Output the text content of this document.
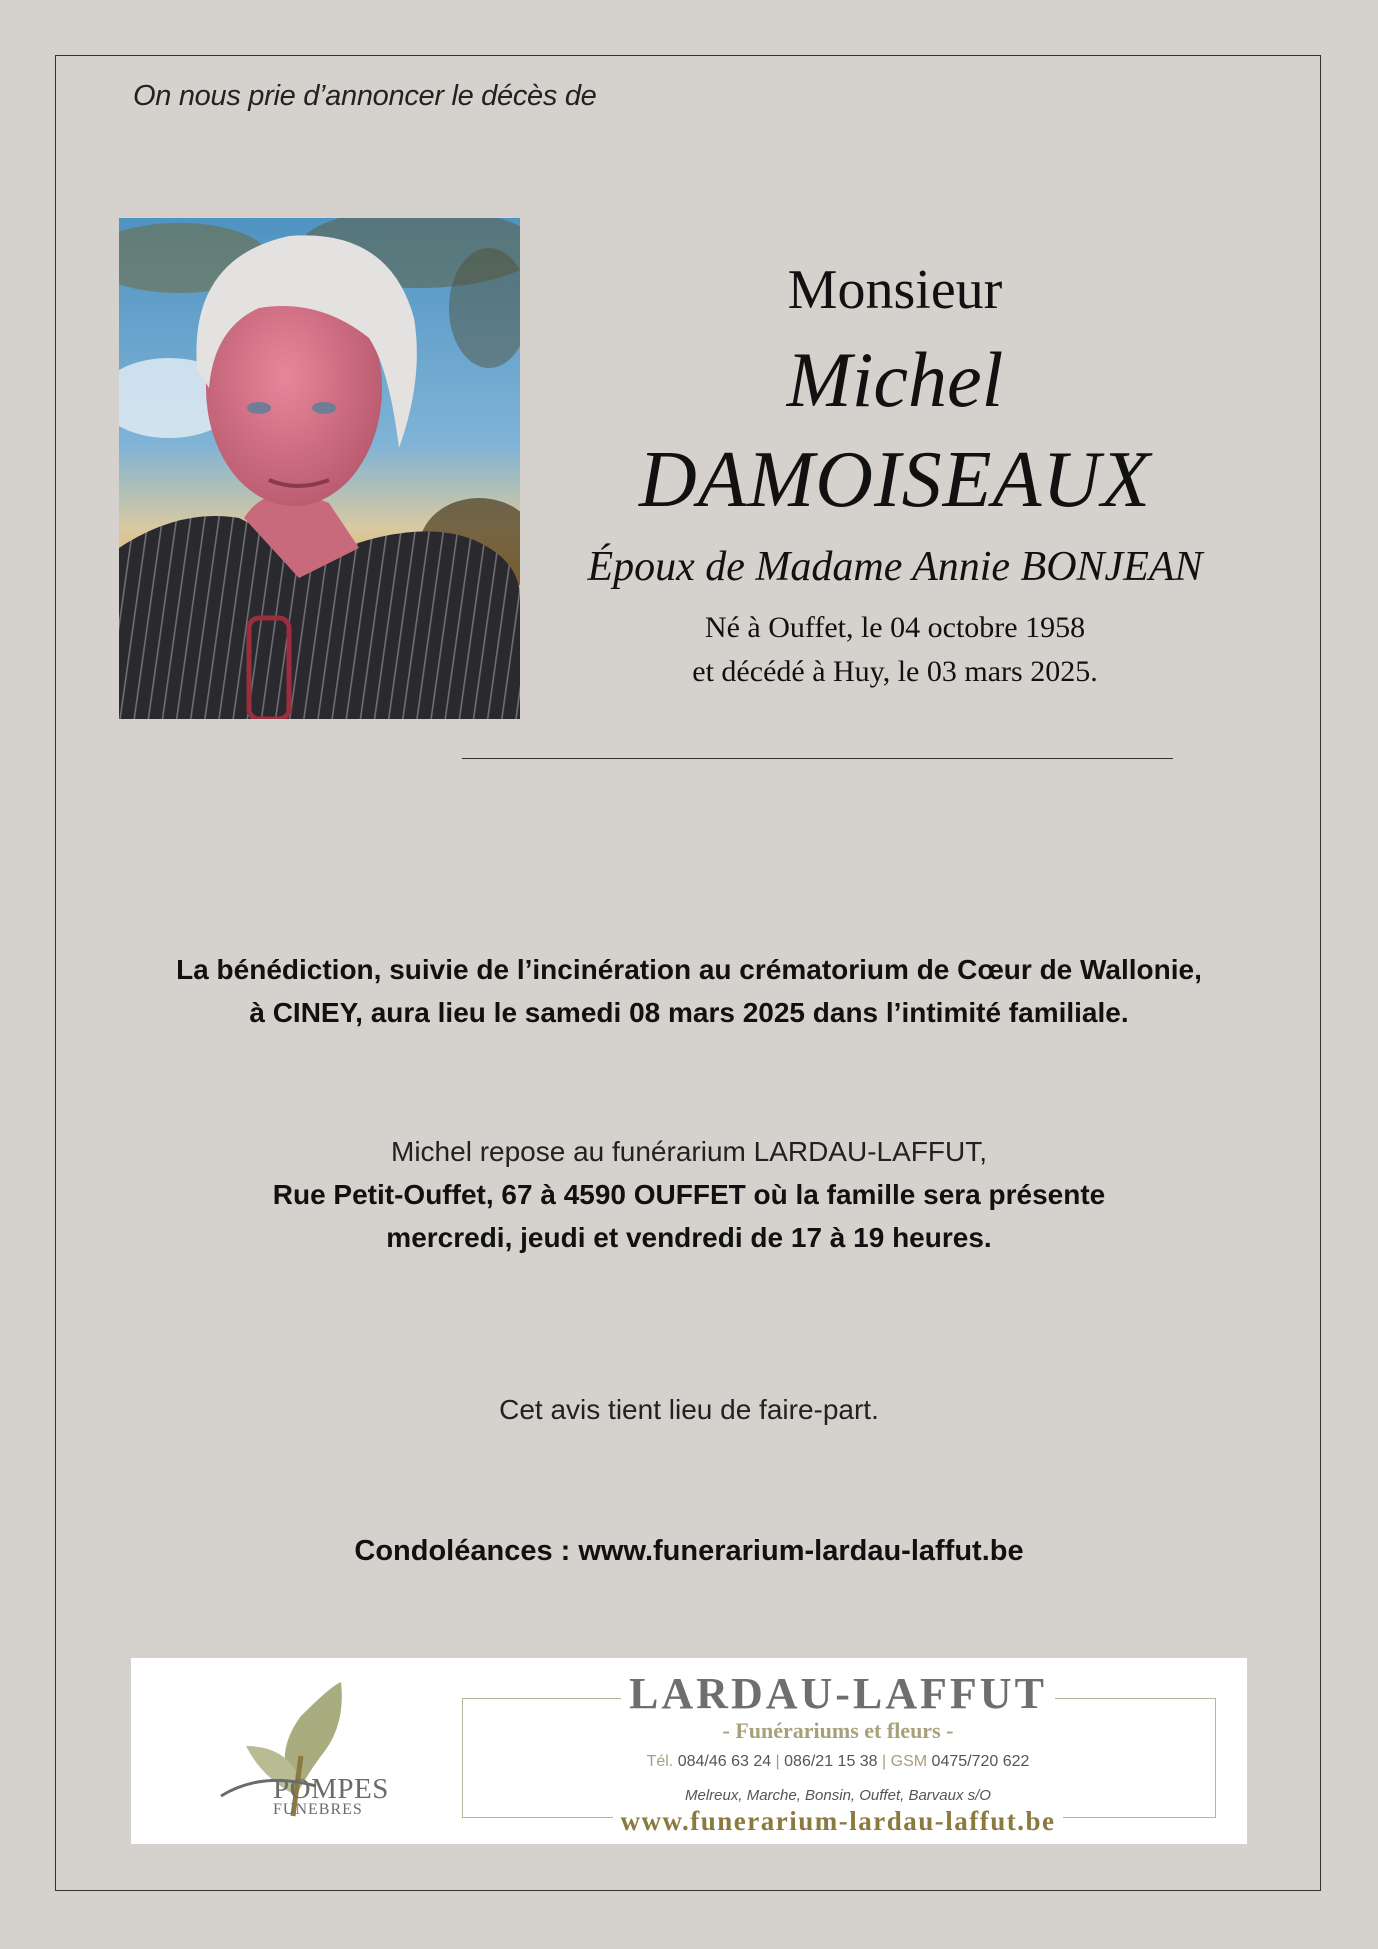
On nous prie d’annoncer le décès de
Monsieur
Michel
DAMOISEAUX
Époux de Madame Annie BONJEAN
Né à Ouffet, le 04 octobre 1958
et décédé à Huy, le 03 mars 2025.
La bénédiction, suivie de l’incinération au crématorium de Cœur de Wallonie,
à CINEY, aura lieu le samedi 08 mars 2025 dans l’intimité familiale.
Michel repose au funérarium LARDAU-LAFFUT,
Rue Petit-Ouffet, 67 à 4590 OUFFET où la famille sera présente
mercredi, jeudi et vendredi de 17 à 19 heures.
Cet avis tient lieu de faire-part.
Condoléances : www.funerarium-lardau-laffut.be
POMPES
FUNEBRES
LARDAU-LAFFUT
- Funérariums et fleurs -
Tél. 084/46 63 24 | 086/21 15 38 | GSM 0475/720 622
Melreux, Marche, Bonsin, Ouffet, Barvaux s/O
www.funerarium-lardau-laffut.be
